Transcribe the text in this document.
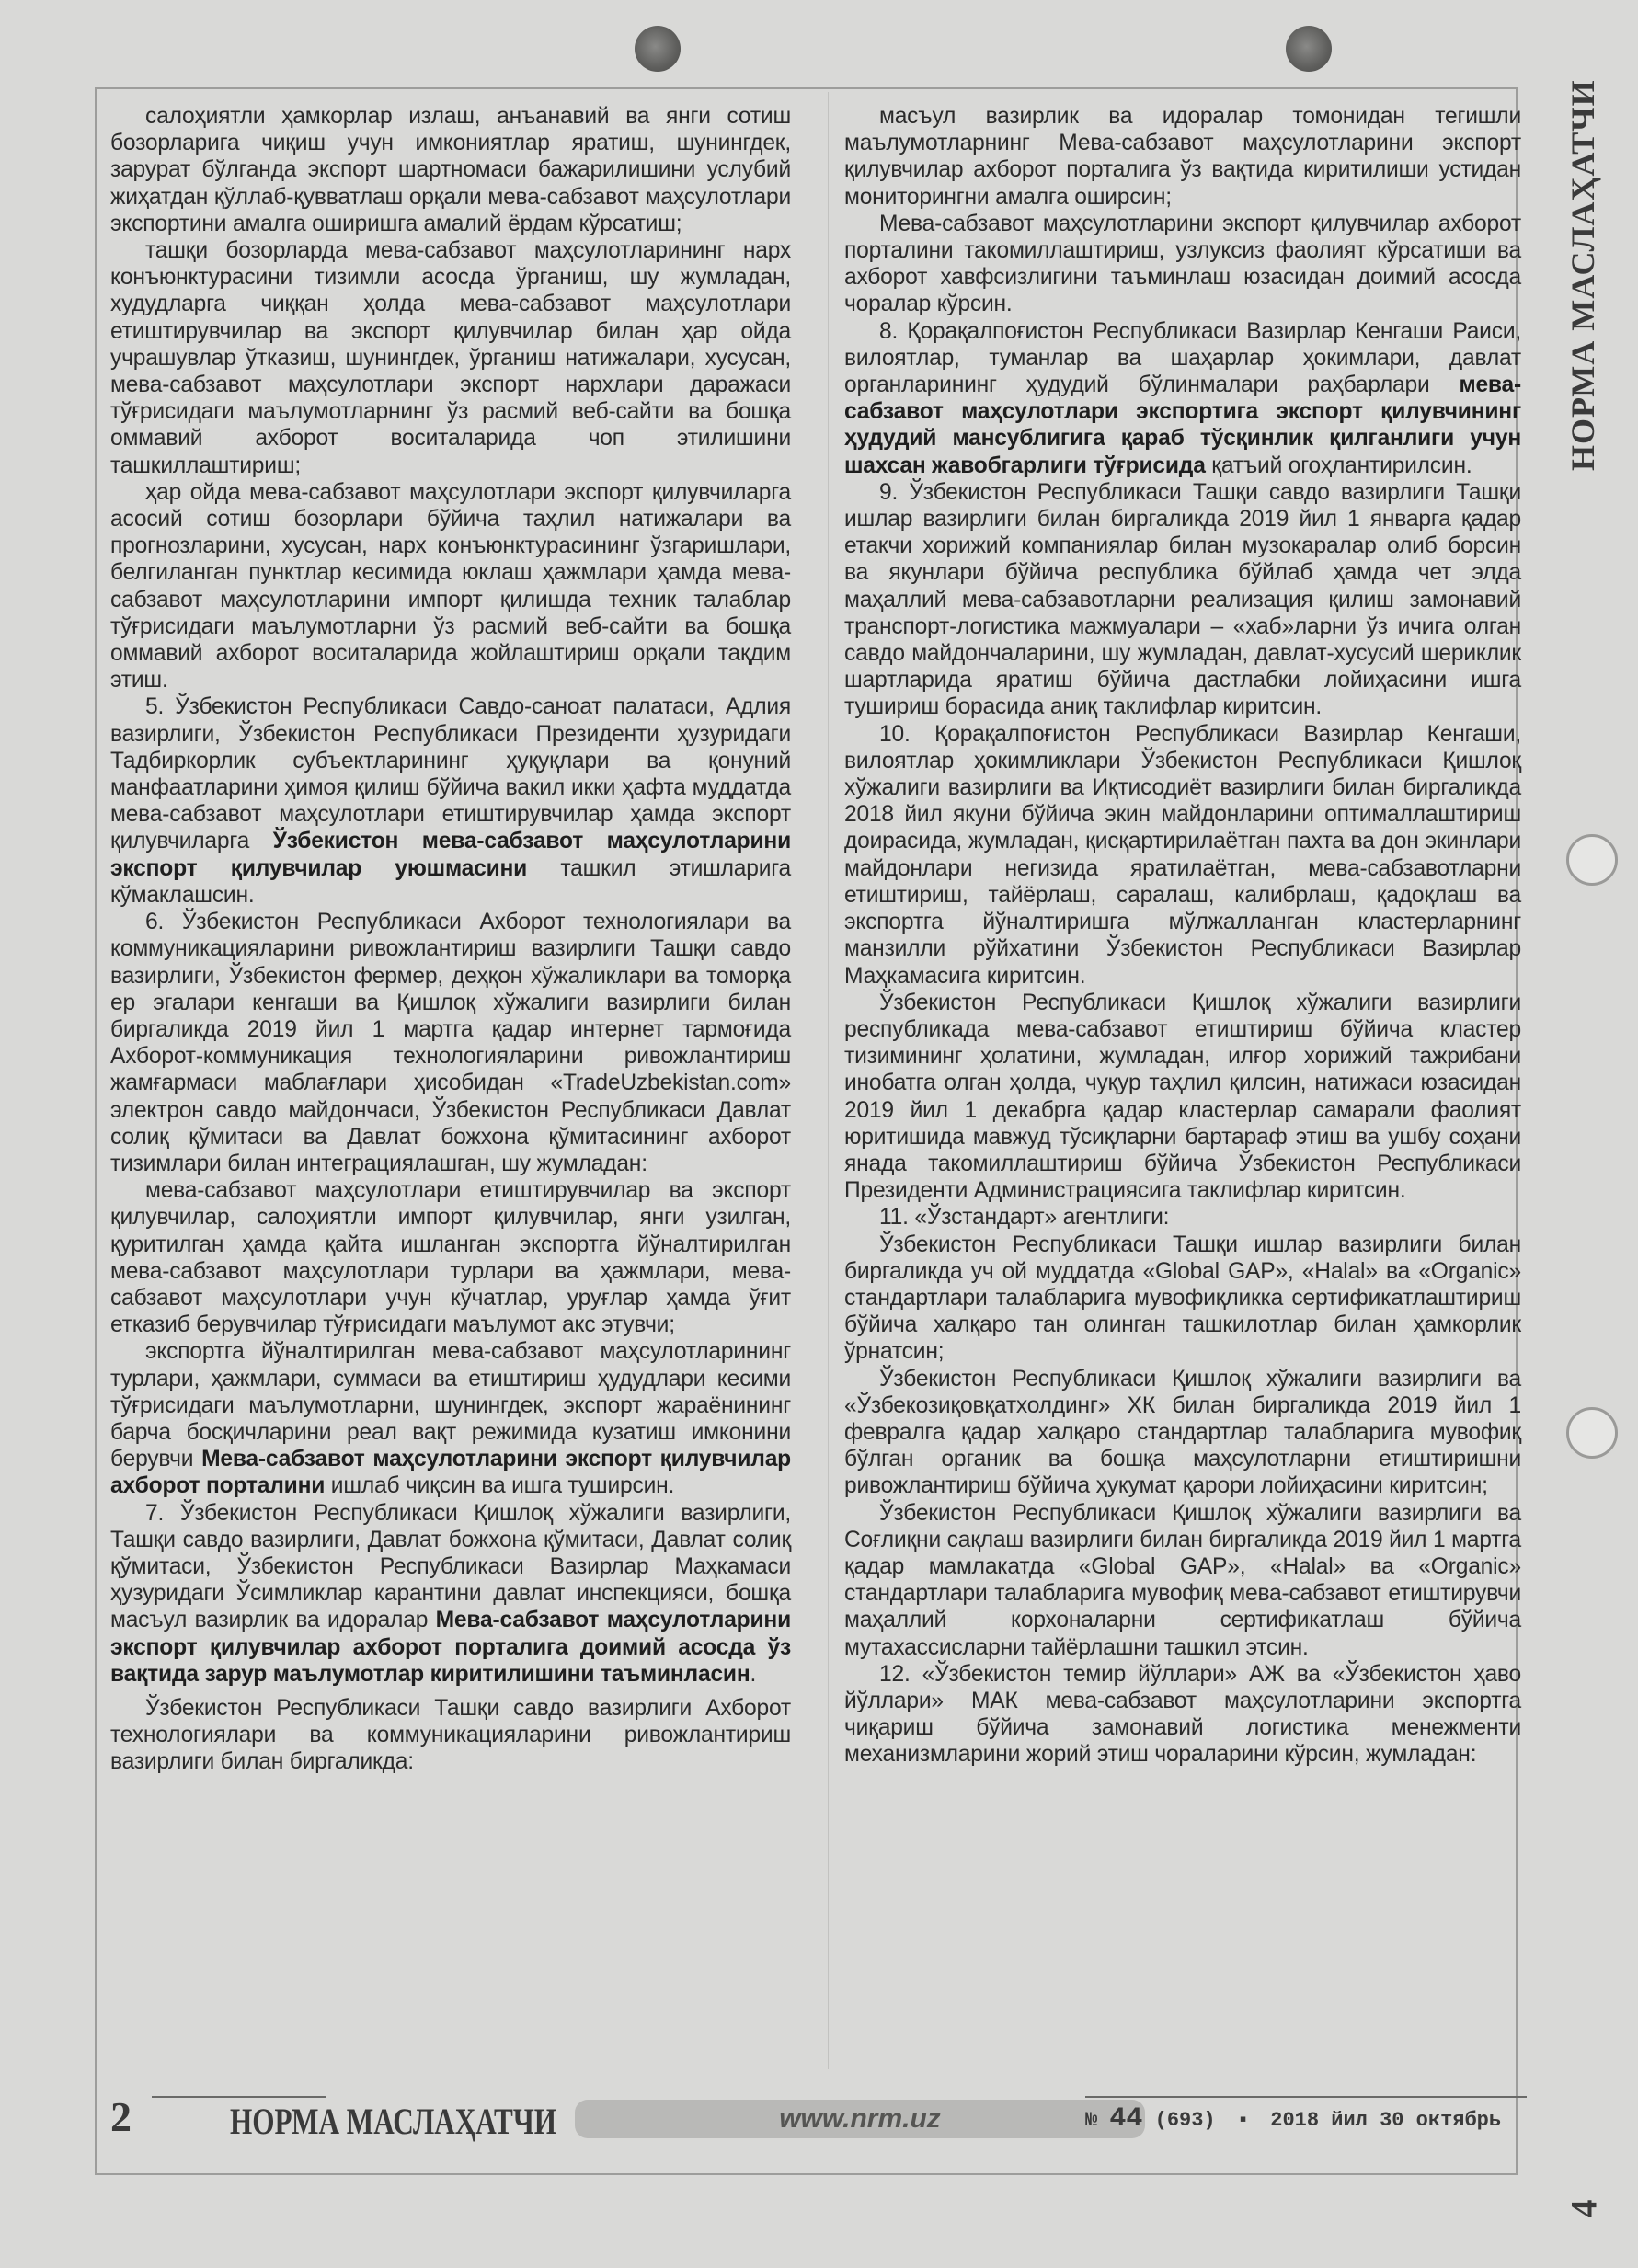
салоҳиятли ҳамкорлар излаш, анъанавий ва янги сотиш бозорларига чиқиш учун имкониятлар яратиш, шунингдек, зарурат бўлганда экспорт шартномаси бажарилишини услубий жиҳатдан қўллаб-қувватлаш орқали мева-сабзавот маҳсулотлари экспортини амалга оширишга амалий ёрдам кўрсатиш;

ташқи бозорларда мева-сабзавот маҳсулотларининг нарх конъюнктурасини тизимли асосда ўрганиш, шу жумладан, худудларга чиққан ҳолда мева-сабзавот маҳсулотлари етиштирувчилар ва экспорт қилувчилар билан ҳар ойда учрашувлар ўтказиш, шунингдек, ўрганиш натижалари, хусусан, мева-сабзавот маҳсулотлари экспорт нархлари даражаси тўғрисидаги маълумотларнинг ўз расмий веб-сайти ва бошқа оммавий ахборот воситаларида чоп этилишини ташкиллаштириш;

ҳар ойда мева-сабзавот маҳсулотлари экспорт қилувчиларга асосий сотиш бозорлари бўйича таҳлил натижалари ва прогнозларини, хусусан, нарх конъюнктурасининг ўзгаришлари, белгиланган пунктлар кесимида юклаш ҳажмлари ҳамда мева-сабзавот маҳсулотларини импорт қилишда техник талаблар тўғрисидаги маълумотларни ўз расмий веб-сайти ва бошқа оммавий ахборот воситаларида жойлаштириш орқали тақдим этиш.

5. Ўзбекистон Республикаси Савдо-саноат палатаси, Адлия вазирлиги, Ўзбекистон Республикаси Президенти ҳузуридаги Тадбиркорлик субъектларининг ҳуқуқлари ва қонуний манфаатларини ҳимоя қилиш бўйича вакил икки ҳафта муддатда мева-сабзавот маҳсулотлари етиштирувчилар ҳамда экспорт қилувчиларга Ўзбекистон мева-сабзавот маҳсулотларини экспорт қилувчилар уюшмасини ташкил этишларига кўмаклашсин.

6. Ўзбекистон Республикаси Ахборот технологиялари ва коммуникацияларини ривожлантириш вазирлиги Ташқи савдо вазирлиги, Ўзбекистон фермер, деҳқон хўжаликлари ва томорқа ер эгалари кенгаши ва Қишлоқ хўжалиги вазирлиги билан биргаликда 2019 йил 1 мартга қадар интернет тармоғида Ахборот-коммуникация технологияларини ривожлантириш жамғармаси маблағлари ҳисобидан «TradeUzbekistan.com» электрон савдо майдончаси, Ўзбекистон Республикаси Давлат солиқ қўмитаси ва Давлат божхона қўмитасининг ахборот тизимлари билан интеграциялашган, шу жумладан:

мева-сабзавот маҳсулотлари етиштирувчилар ва экспорт қилувчилар, салоҳиятли импорт қилувчилар, янги узилган, қуритилган ҳамда қайта ишланган экспортга йўналтирилган мева-сабзавот маҳсулотлари турлари ва ҳажмлари, мева-сабзавот маҳсулотлари учун кўчатлар, уруғлар ҳамда ўғит етказиб берувчилар тўғрисидаги маълумот акс этувчи;

экспортга йўналтирилган мева-сабзавот маҳсулотларининг турлари, ҳажмлари, суммаси ва етиштириш ҳудудлари кесими тўғрисидаги маълумотларни, шунингдек, экспорт жараёнининг барча босқичларини реал вақт режимида кузатиш имконини берувчи Мева-сабзавот маҳсулотларини экспорт қилувчилар ахборот порталини ишлаб чиқсин ва ишга туширсин.

7. Ўзбекистон Республикаси Қишлоқ хўжалиги вазирлиги, Ташқи савдо вазирлиги, Давлат божхона қўмитаси, Давлат солиқ қўмитаси, Ўзбекистон Республикаси Вазирлар Маҳкамаси ҳузуридаги Ўсимликлар карантини давлат инспекцияси, бошқа масъул вазирлик ва идоралар Мева-сабзавот маҳсулотларини экспорт қилувчилар ахборот порталига доимий асосда ўз вақтида зарур маълумотлар киритилишини таъминласин.

Ўзбекистон Республикаси Ташқи савдо вазирлиги Ахборот технологиялари ва коммуникацияларини ривожлантириш вазирлиги билан биргаликда:

масъул вазирлик ва идоралар томонидан тегишли маълумотларнинг Мева-сабзавот маҳсулотларини экспорт қилувчилар ахборот порталига ўз вақтида киритилиши устидан мониторингни амалга оширсин;

Мева-сабзавот маҳсулотларини экспорт қилувчилар ахборот порталини такомиллаштириш, узлуксиз фаолият кўрсатиши ва ахборот хавфсизлигини таъминлаш юзасидан доимий асосда чоралар кўрсин.

8. Қорақалпоғистон Республикаси Вазирлар Кенгаши Раиси, вилоятлар, туманлар ва шаҳарлар ҳокимлари, давлат органларининг ҳудудий бўлинмалари раҳбарлари мева-сабзавот маҳсулотлари экспортига экспорт қилувчининг ҳудудий мансублигига қараб тўсқинлик қилганлиги учун шахсан жавобгарлиги тўғрисида қатъий огоҳлантирилсин.

9. Ўзбекистон Республикаси Ташқи савдо вазирлиги Ташқи ишлар вазирлиги билан биргаликда 2019 йил 1 январга қадар етакчи хорижий компаниялар билан музокаралар олиб борсин ва якунлари бўйича республика бўйлаб ҳамда чет элда маҳаллий мева-сабзавотларни реализация қилиш замонавий транспорт-логистика мажмуалари – «хаб»ларни ўз ичига олган савдо майдончаларини, шу жумладан, давлат-хусусий шериклик шартларида яратиш бўйича дастлабки лойиҳасини ишга тушириш борасида аниқ таклифлар киритсин.

10. Қорақалпоғистон Республикаси Вазирлар Кенгаши, вилоятлар ҳокимликлари Ўзбекистон Республикаси Қишлоқ хўжалиги вазирлиги ва Иқтисодиёт вазирлиги билан биргаликда 2018 йил якуни бўйича экин майдонларини оптималлаштириш доирасида, жумладан, қисқартирилаётган пахта ва дон экинлари майдонлари негизида яратилаётган, мева-сабзавотларни етиштириш, тайёрлаш, саралаш, калибрлаш, қадоқлаш ва экспортга йўналтиришга мўлжалланган кластерларнинг манзилли рўйхатини Ўзбекистон Республикаси Вазирлар Маҳкамасига киритсин.

Ўзбекистон Республикаси Қишлоқ хўжалиги вазирлиги республикада мева-сабзавот етиштириш бўйича кластер тизимининг ҳолатини, жумладан, илғор хорижий тажрибани инобатга олган ҳолда, чуқур таҳлил қилсин, натижаси юзасидан 2019 йил 1 декабрга қадар кластерлар самарали фаолият юритишида мавжуд тўсиқларни бартараф этиш ва ушбу соҳани янада такомиллаштириш бўйича Ўзбекистон Республикаси Президенти Администрациясига таклифлар киритсин.

11. «Ўзстандарт» агентлиги:

Ўзбекистон Республикаси Ташқи ишлар вазирлиги билан биргаликда уч ой муддатда «Global GAP», «Halal» ва «Organic» стандартлари талабларига мувофиқликка сертификатлаштириш бўйича халқаро тан олинган ташкилотлар билан ҳамкорлик ўрнатсин;

Ўзбекистон Республикаси Қишлоқ хўжалиги вазирлиги ва «Ўзбекозиқовқатхолдинг» ХК билан биргаликда 2019 йил 1 февралга қадар халқаро стандартлар талабларига мувофиқ бўлган органик ва бошқа маҳсулотларни етиштиришни ривожлантириш бўйича ҳукумат қарори лойиҳасини киритсин;

Ўзбекистон Республикаси Қишлоқ хўжалиги вазирлиги ва Соғлиқни сақлаш вазирлиги билан биргаликда 2019 йил 1 мартга қадар мамлакатда «Global GAP», «Halal» ва «Organic» стандартлари талабларига мувофиқ мева-сабзавот етиштирувчи маҳаллий корхоналарни сертификатлаш бўйича мутахассисларни тайёрлашни ташкил этсин.

12. «Ўзбекистон темир йўллари» АЖ ва «Ўзбекистон ҳаво йўллари» МАК мева-сабзавот маҳсулотларини экспортга чиқариш бўйича замонавий логистика менежменти механизмларини жорий этиш чораларини кўрсин, жумладан:

2	НОРМА МАСЛАҲАТЧИ	www.nrm.uz	№ 44 (693) ▪ 2018 йил 30 октябрь
НОРМА МАСЛАҲАТЧИ
4
